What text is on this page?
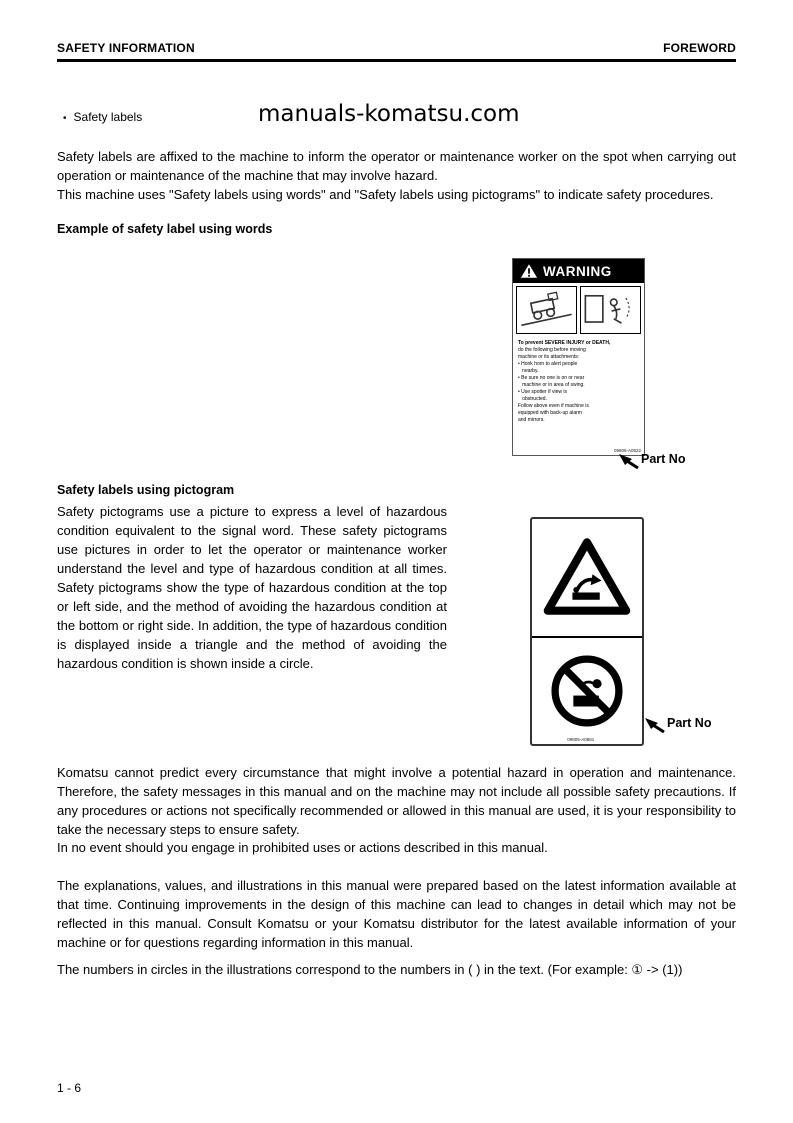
SAFETY INFORMATION	FOREWORD
• Safety labels	manuals-komatsu.com
Safety labels are affixed to the machine to inform the operator or maintenance worker on the spot when carrying out operation or maintenance of the machine that may involve hazard.
This machine uses "Safety labels using words" and "Safety labels using pictograms" to indicate safety procedures.
Example of safety label using words
WARNING
To prevent SEVERE INJURY or DEATH,
do the following before moving
machine or its attachments:
• Honk horn to alert people
nearby.
• Be sure no one is on or near
machine or in area of swing.
• Use spotter if view is
obstructed.
Follow above even if machine is
equipped with back-up alarm
and mirrors.
09805-A0522
Part No
Safety labels using pictogram
Safety pictograms use a picture to express a level of hazardous condition equivalent to the signal word. These safety pictograms use pictures in order to let the operator or maintenance worker understand the level and type of hazardous condition at all times. Safety pictograms show the type of hazardous condition at the top or left side, and the method of avoiding the hazardous condition at the bottom or right side. In addition, the type of hazardous condition is displayed inside a triangle and the method of avoiding the hazardous condition is shown inside a circle.
09805-A0881
Part No
Komatsu cannot predict every circumstance that might involve a potential hazard in operation and maintenance. Therefore, the safety messages in this manual and on the machine may not include all possible safety precautions. If any procedures or actions not specifically recommended or allowed in this manual are used, it is your responsibility to take the necessary steps to ensure safety.
In no event should you engage in prohibited uses or actions described in this manual.
The explanations, values, and illustrations in this manual were prepared based on the latest information available at that time. Continuing improvements in the design of this machine can lead to changes in detail which may not be reflected in this manual. Consult Komatsu or your Komatsu distributor for the latest available information of your machine or for questions regarding information in this manual.
The numbers in circles in the illustrations correspond to the numbers in ( ) in the text. (For example: ① -> (1))
1 - 6
